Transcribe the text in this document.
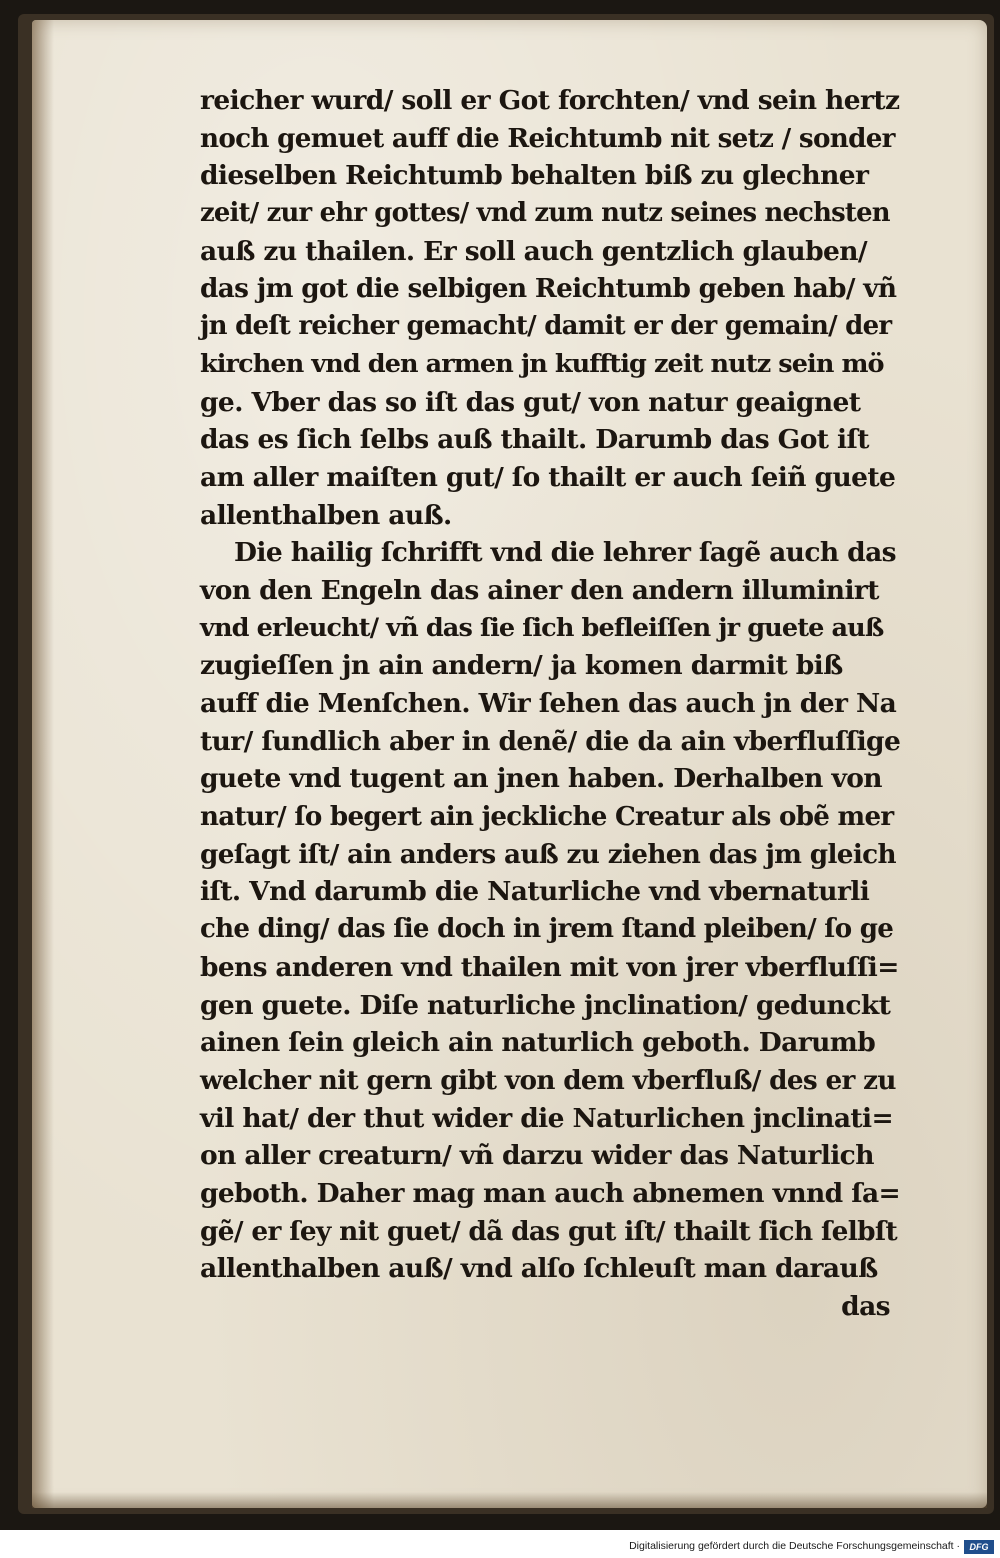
reicher wurd/ soll er Got forchten/ vnd sein hertz
noch gemuet auff die Reichtumb nit setz / sonder
dieselben Reichtumb behalten biß zu glechner
zeit/ zur ehr gottes/ vnd zum nutz seines nechsten
auß zu thailen. Er soll auch gentzlich glauben/
das jm got die selbigen Reichtumb geben hab/ vñ
jn deſt reicher gemacht/ damit er der gemain/ der
kirchen vnd den armen jn kufftig zeit nutz sein mö
ge. Vber das so iſt das gut/ von natur geaignet
das es ſich ſelbs auß thailt. Darumb das Got iſt
am aller maiſten gut/ ſo thailt er auch ſeiñ guete
allenthalben auß.
Die hailig ſchrifft vnd die lehrer ſagẽ auch das
von den Engeln das ainer den andern illuminirt
vnd erleucht/ vñ das ſie ſich befleiſſen jr guete auß
zugieſſen jn ain andern/ ja komen darmit biß
auff die Menſchen. Wir ſehen das auch jn der Na
tur/ ſundlich aber in denẽ/ die da ain vberfluſſige
guete vnd tugent an jnen haben. Derhalben von
natur/ ſo begert ain jeckliche Creatur als obẽ mer
geſagt iſt/ ain anders auß zu ziehen das jm gleich
iſt. Vnd darumb die Naturliche vnd vbernaturli
che ding/ das ſie doch in jrem ſtand pleiben/ ſo ge
bens anderen vnd thailen mit von jrer vberfluſſi=
gen guete. Diſe naturliche jnclination/ gedunckt
ainen ſein gleich ain naturlich geboth. Darumb
welcher nit gern gibt von dem vberfluß/ des er zu
vil hat/ der thut wider die Naturlichen jnclinati=
on aller creaturn/ vñ darzu wider das Naturlich
geboth. Daher mag man auch abnemen vnnd ſa=
gẽ/ er ſey nit guet/ dã das gut iſt/ thailt ſich ſelbſt
allenthalben auß/ vnd alſo ſchleuſt man darauß
das
Digitalisierung gefördert durch die Deutsche Forschungsgemeinschaft ·	DFG
